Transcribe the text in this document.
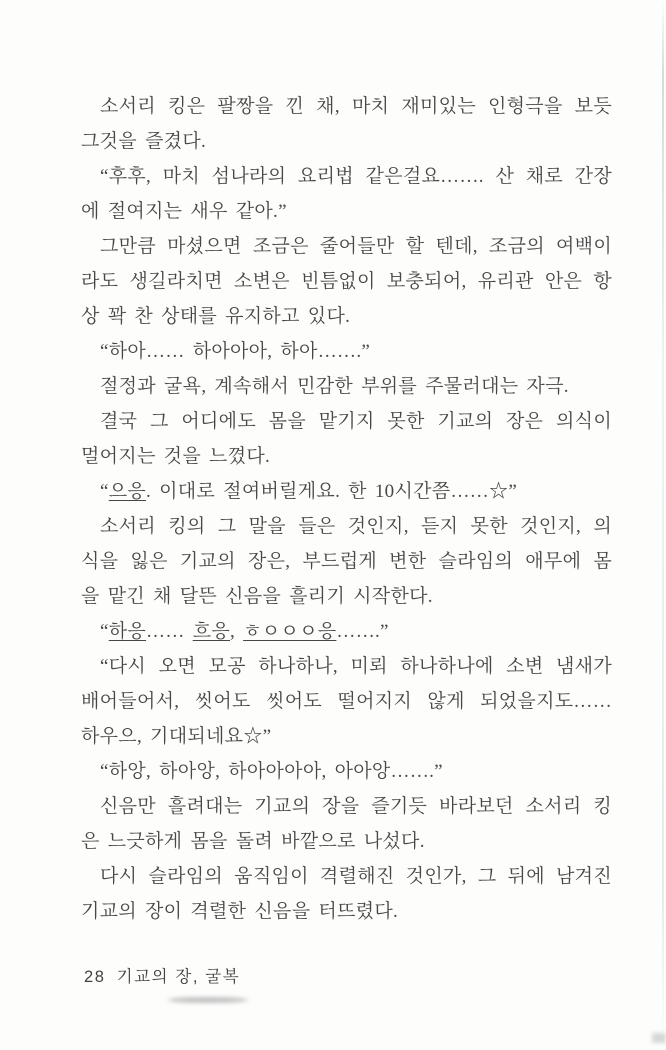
소서리 킹은 팔짱을 낀 채, 마치 재미있는 인형극을 보듯
그것을 즐겼다.
“후후, 마치 섬나라의 요리법 같은걸요……. 산 채로 간장
에 절여지는 새우 같아.”
그만큼 마셨으면 조금은 줄어들만 할 텐데, 조금의 여백이
라도 생길라치면 소변은 빈틈없이 보충되어, 유리관 안은 항
상 꽉 찬 상태를 유지하고 있다.
“하아…… 하아아아, 하아…….”
절정과 굴욕, 계속해서 민감한 부위를 주물러대는 자극.
결국 그 어디에도 몸을 맡기지 못한 기교의 장은 의식이
멀어지는 것을 느꼈다.
“으응. 이대로 절여버릴게요. 한 10시간쯤……☆”
소서리 킹의 그 말을 들은 것인지, 듣지 못한 것인지, 의
식을 잃은 기교의 장은, 부드럽게 변한 슬라임의 애무에 몸
을 맡긴 채 달뜬 신음을 흘리기 시작한다.
“하응…… 흐응, ㅎㅇㅇㅇ응…….”
“다시 오면 모공 하나하나, 미뢰 하나하나에 소변 냄새가
배어들어서, 씻어도 씻어도 떨어지지 않게 되었을지도……
하우으, 기대되네요☆”
“하앙, 하아앙, 하아아아아, 아아앙…….”
신음만 흘려대는 기교의 장을 즐기듯 바라보던 소서리 킹
은 느긋하게 몸을 돌려 바깥으로 나섰다.
다시 슬라임의 움직임이 격렬해진 것인가, 그 뒤에 남겨진
기교의 장이 격렬한 신음을 터뜨렸다.
28 기교의 장, 굴복
